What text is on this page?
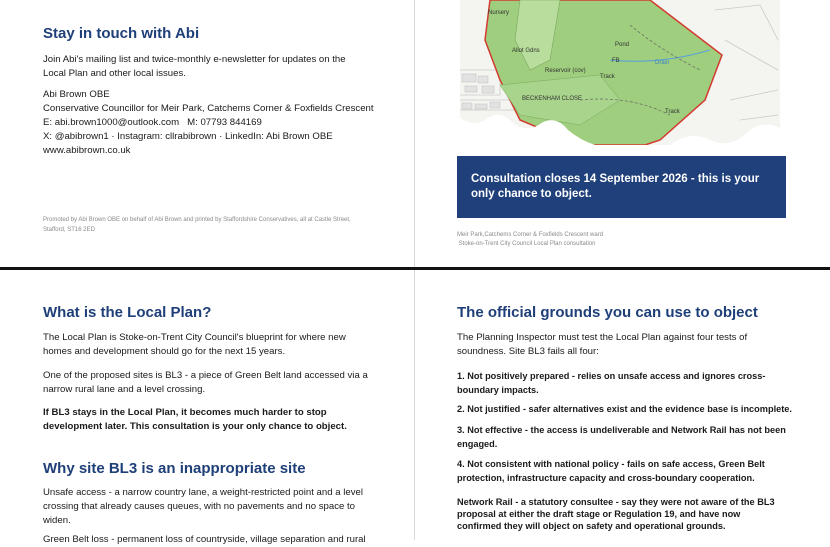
Stay in touch with Abi

Join Abi's mailing list and twice-monthly e-newsletter for updates on the Local Plan and other local issues.

Abi Brown OBE

Conservative Councillor for Meir Park, Catchems Corner & Foxfields Crescent

E: abi.brown1000@outlook.com   M: 07793 844169

X: @abibrown1 · Instagram: cllrabibrown · LinkedIn: Abi Brown OBE

www.abibrown.co.uk

Promoted by Abi Brown OBE on behalf of Abi Brown and printed by Staffordshire Conservatives, all at Castle Street, Stafford, ST16 2ED

Nursery
Allot Gdns
Reservoir (cov)
BECKENHAM CLOSE
Track
Track
Pond
Drain
FB
Consultation closes 14 September 2026 - this is your only chance to object.

Meir Park,Catchems Corner & Foxfields Crescent ward

Stoke-on-Trent City Council Local Plan consultation

What is the Local Plan?

The Local Plan is Stoke-on-Trent City Council's blueprint for where new homes and development should go for the next 15 years.

One of the proposed sites is BL3 - a piece of Green Belt land accessed via a narrow rural lane and a level crossing.

If BL3 stays in the Local Plan, it becomes much harder to stop development later. This consultation is your only chance to object.

Why site BL3 is an inappropriate site

Unsafe access - a narrow country lane, a weight-restricted point and a level crossing that already causes queues, with no pavements and no space to widen.

Green Belt loss - permanent loss of countryside, village separation and rural

The official grounds you can use to object

The Planning Inspector must test the Local Plan against four tests of soundness. Site BL3 fails all four:

1. Not positively prepared - relies on unsafe access and ignores cross-boundary impacts.

2. Not justified - safer alternatives exist and the evidence base is incomplete.

3. Not effective - the access is undeliverable and Network Rail has not been engaged.

4. Not consistent with national policy - fails on safe access, Green Belt protection, infrastructure capacity and cross-boundary cooperation.

Network Rail - a statutory consultee - say they were not aware of the BL3 proposal at either the draft stage or Regulation 19, and have now confirmed they will object on safety and operational grounds.
